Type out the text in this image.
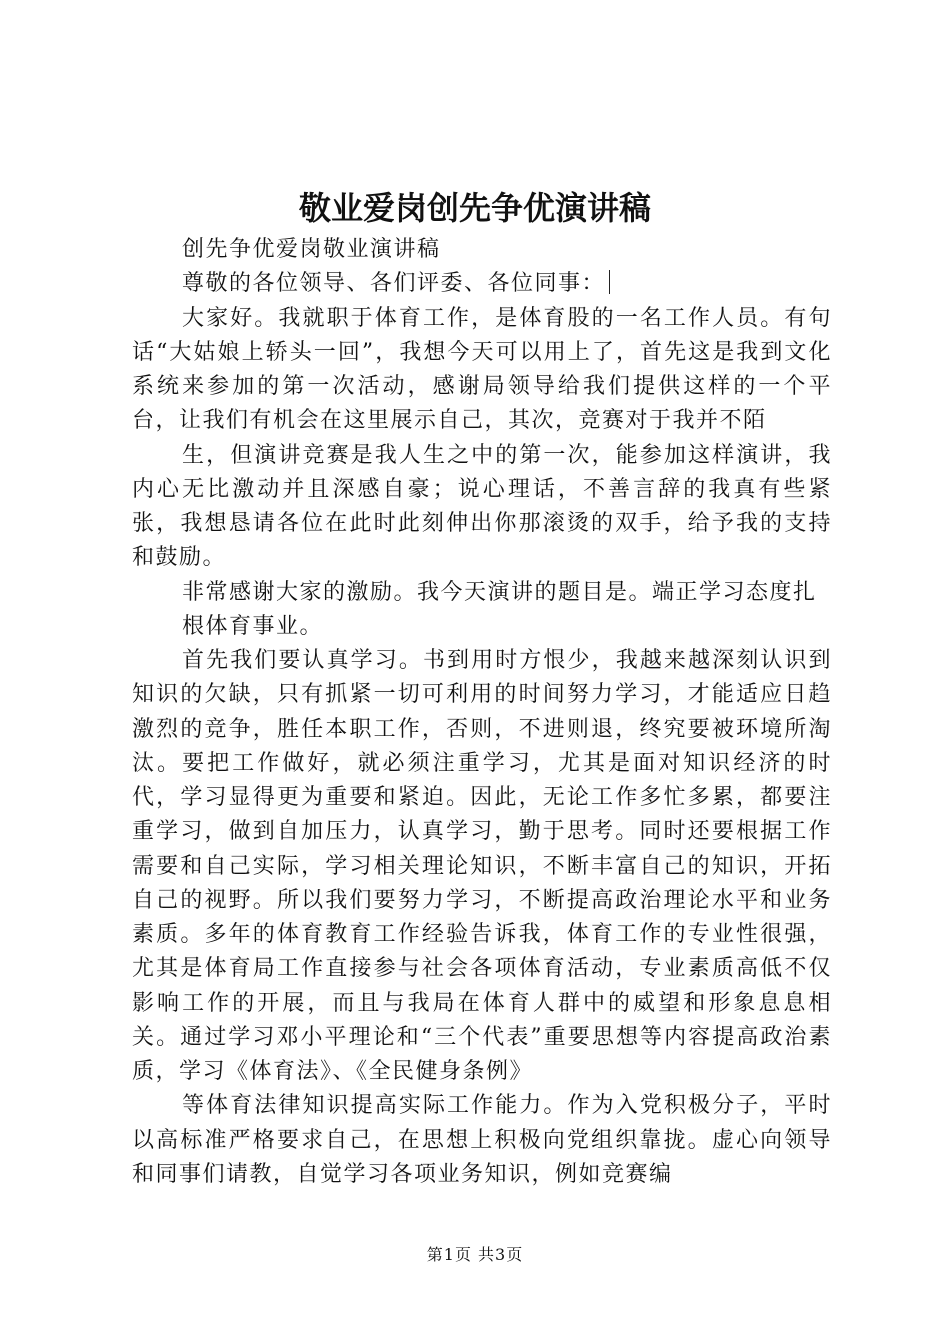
敬业爱岗创先争优演讲稿

创先争优爱岗敬业演讲稿

尊敬的各位领导、各们评委、各位同事：

大家好。我就职于体育工作，是体育股的一名工作人员。有句话“大姑娘上轿头一回”，我想今天可以用上了，首先这是我到文化系统来参加的第一次活动，感谢局领导给我们提供这样的一个平台，让我们有机会在这里展示自己，其次，竞赛对于我并不陌

生，但演讲竞赛是我人生之中的第一次，能参加这样演讲，我内心无比激动并且深感自豪；说心理话，不善言辞的我真有些紧张，我想恳请各位在此时此刻伸出你那滚烫的双手，给予我的支持和鼓励。

非常感谢大家的激励。我今天演讲的题目是。端正学习态度扎

根体育事业。

首先我们要认真学习。书到用时方恨少，我越来越深刻认识到知识的欠缺，只有抓紧一切可利用的时间努力学习，才能适应日趋激烈的竞争，胜任本职工作，否则，不进则退，终究要被环境所淘汰。要把工作做好，就必须注重学习，尤其是面对知识经济的时代，学习显得更为重要和紧迫。因此，无论工作多忙多累，都要注重学习，做到自加压力，认真学习，勤于思考。同时还要根据工作需要和自己实际，学习相关理论知识，不断丰富自己的知识，开拓自己的视野。所以我们要努力学习，不断提高政治理论水平和业务素质。多年的体育教育工作经验告诉我，体育工作的专业性很强，尤其是体育局工作直接参与社会各项体育活动，专业素质高低不仅影响工作的开展，而且与我局在体育人群中的威望和形象息息相关。通过学习邓小平理论和“三个代表”重要思想等内容提高政治素质，学习《体育法》、《全民健身条例》

等体育法律知识提高实际工作能力。作为入党积极分子，平时以高标准严格要求自己，在思想上积极向党组织靠拢。虚心向领导和同事们请教，自觉学习各项业务知识，例如竞赛编

第1页 共3页
